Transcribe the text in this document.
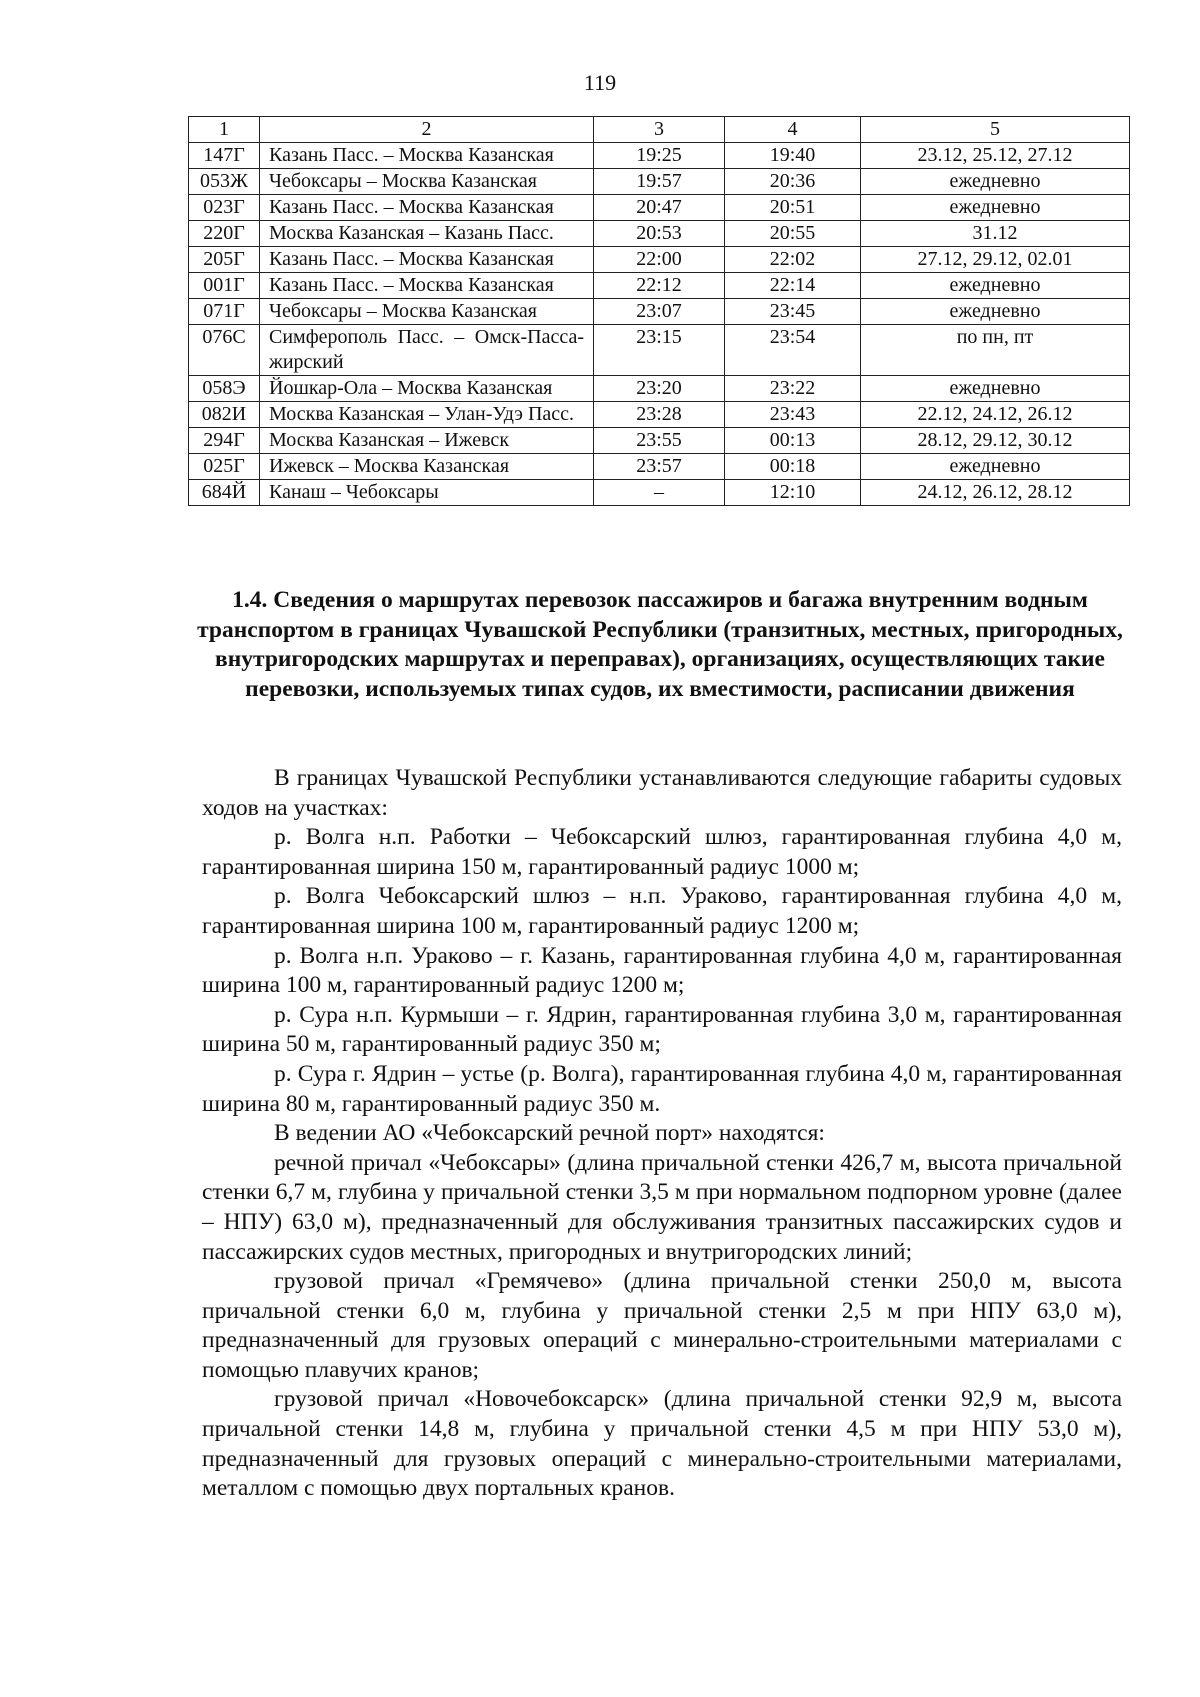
119
1	2	3	4	5
147Г	Казань Пасс. – Москва Казанская	19:25	19:40	23.12, 25.12, 27.12
053Ж	Чебоксары – Москва Казанская	19:57	20:36	ежедневно
023Г	Казань Пасс. – Москва Казанская	20:47	20:51	ежедневно
220Г	Москва Казанская – Казань Пасс.	20:53	20:55	31.12
205Г	Казань Пасс. – Москва Казанская	22:00	22:02	27.12, 29.12, 02.01
001Г	Казань Пасс. – Москва Казанская	22:12	22:14	ежедневно
071Г	Чебоксары – Москва Казанская	23:07	23:45	ежедневно
076С	Симферополь Пасс. – Омск-Пассажирский	23:15	23:54	по пн, пт
058Э	Йошкар-Ола – Москва Казанская	23:20	23:22	ежедневно
082И	Москва Казанская – Улан-Удэ Пасс.	23:28	23:43	22.12, 24.12, 26.12
294Г	Москва Казанская – Ижевск	23:55	00:13	28.12, 29.12, 30.12
025Г	Ижевск – Москва Казанская	23:57	00:18	ежедневно
684Й	Канаш – Чебоксары	–	12:10	24.12, 26.12, 28.12
1.4. Сведения о маршрутах перевозок пассажиров и багажа внутренним водным транспортом в границах Чувашской Республики (транзитных, местных, пригородных, внутригородских маршрутах и переправах), организациях, осуществляющих такие перевозки, используемых типах судов, их вместимости, расписании движения

В границах Чувашской Республики устанавливаются следующие габариты судовых ходов на участках:

р. Волга н.п. Работки – Чебоксарский шлюз, гарантированная глубина 4,0 м, гарантированная ширина 150 м, гарантированный радиус 1000 м;

р. Волга Чебоксарский шлюз – н.п. Ураково, гарантированная глубина 4,0 м, гарантированная ширина 100 м, гарантированный радиус 1200 м;

р. Волга н.п. Ураково – г. Казань, гарантированная глубина 4,0 м, гарантированная ширина 100 м, гарантированный радиус 1200 м;

р. Сура н.п. Курмыши – г. Ядрин, гарантированная глубина 3,0 м, гарантированная ширина 50 м, гарантированный радиус 350 м;

р. Сура г. Ядрин – устье (р. Волга), гарантированная глубина 4,0 м, гарантированная ширина 80 м, гарантированный радиус 350 м.

В ведении АО «Чебоксарский речной порт» находятся:

речной причал «Чебоксары» (длина причальной стенки 426,7 м, высота причальной стенки 6,7 м, глубина у причальной стенки 3,5 м при нормальном подпорном уровне (далее – НПУ) 63,0 м), предназначенный для обслуживания транзитных пассажирских судов и пассажирских судов местных, пригородных и внутригородских линий;

грузовой причал «Гремячево» (длина причальной стенки 250,0 м, высота причальной стенки 6,0 м, глубина у причальной стенки 2,5 м при НПУ 63,0 м), предназначенный для грузовых операций с минерально-строительными материалами с помощью плавучих кранов;

грузовой причал «Новочебоксарск» (длина причальной стенки 92,9 м, высота причальной стенки 14,8 м, глубина у причальной стенки 4,5 м при НПУ 53,0 м), предназначенный для грузовых операций с минерально-строительными материалами, металлом с помощью двух портальных кранов.
